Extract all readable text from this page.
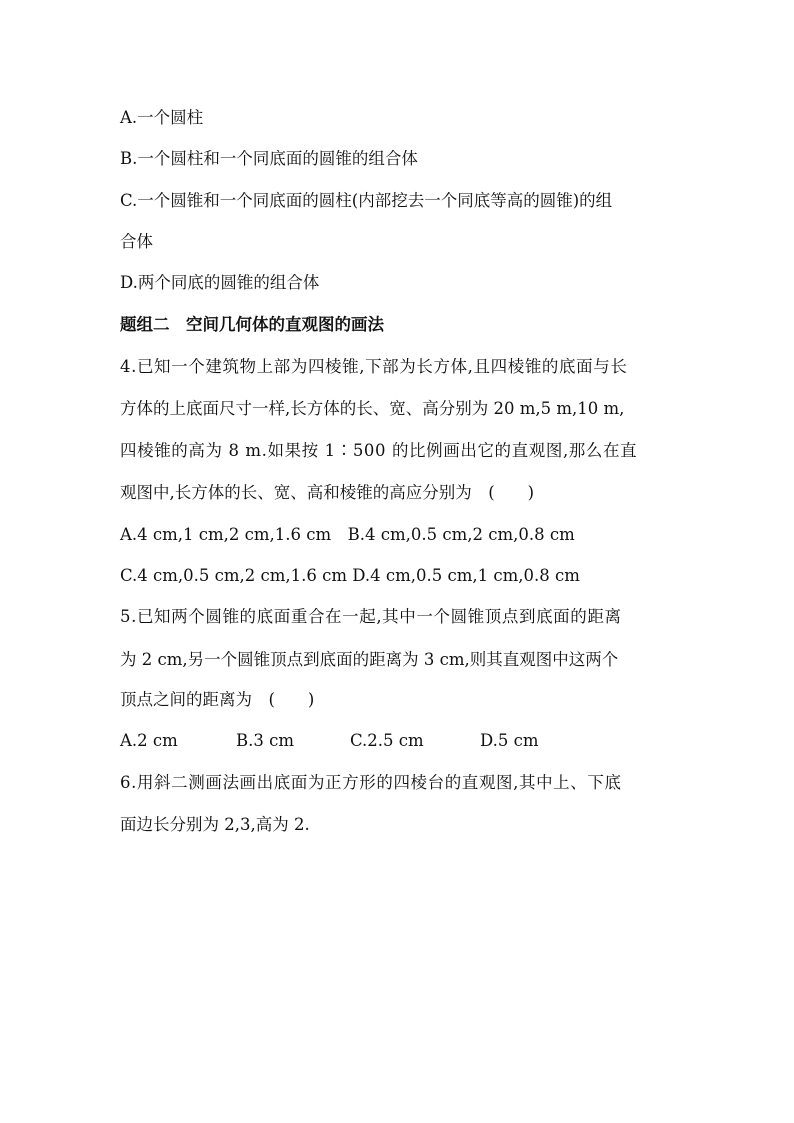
A.一个圆柱
B.一个圆柱和一个同底面的圆锥的组合体
C.一个圆锥和一个同底面的圆柱(内部挖去一个同底等高的圆锥)的组
合体
D.两个同底的圆锥的组合体
题组二　空间几何体的直观图的画法
4.已知一个建筑物上部为四棱锥,下部为长方体,且四棱锥的底面与长
方体的上底面尺寸一样,长方体的长、宽、高分别为 20 m,5 m,10 m,
四棱锥的高为 8 m.如果按 1∶500 的比例画出它的直观图,那么在直
观图中,长方体的长、宽、高和棱锥的高应分别为　(　　)
A.4 cm,1 cm,2 cm,1.6 cm　B.4 cm,0.5 cm,2 cm,0.8 cm
C.4 cm,0.5 cm,2 cm,1.6 cm D.4 cm,0.5 cm,1 cm,0.8 cm
5.已知两个圆锥的底面重合在一起,其中一个圆锥顶点到底面的距离
为 2 cm,另一个圆锥顶点到底面的距离为 3 cm,则其直观图中这两个
顶点之间的距离为　(　　)
A.2 cm	B.3 cm	C.2.5 cm	D.5 cm
6.用斜二测画法画出底面为正方形的四棱台的直观图,其中上、下底
面边长分别为 2,3,高为 2.
